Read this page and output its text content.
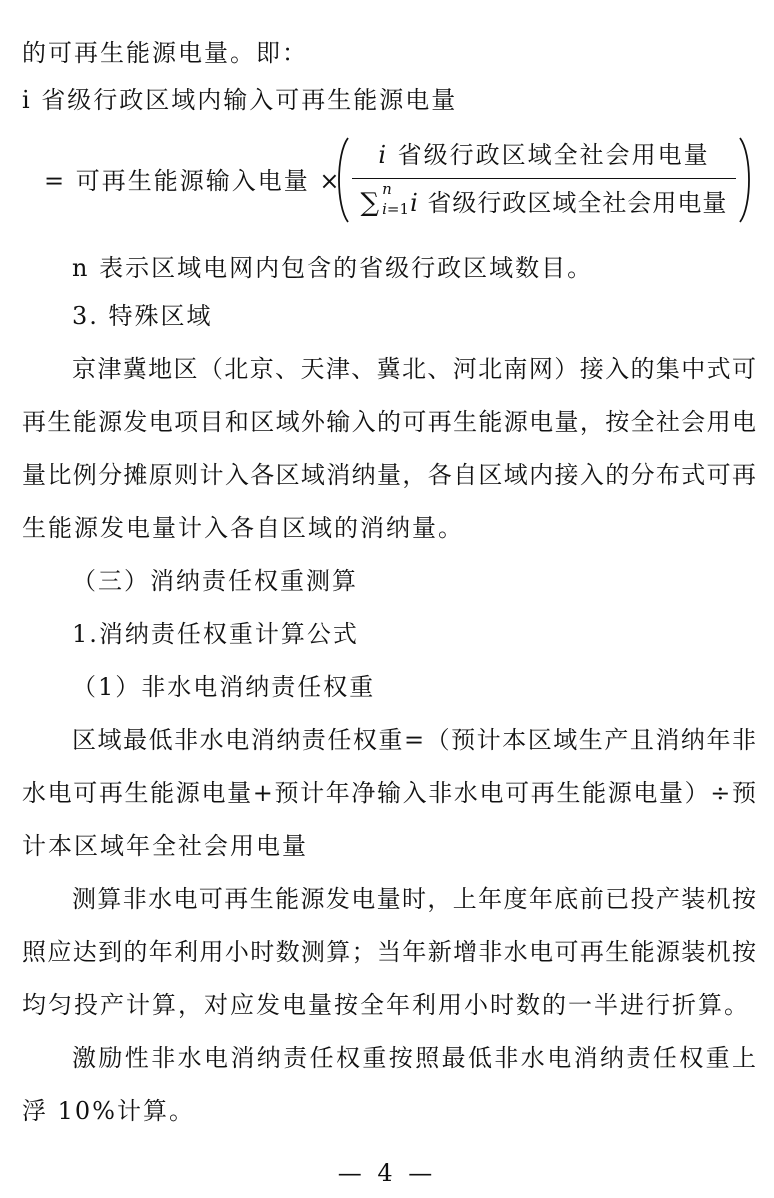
的可再生能源电量。即：
i 省级行政区域内输入可再生能源电量
= 可再生能源输入电量 ×
i 省级行政区域全社会用电量
∑ n
i=1 i 省级行政区域全社会用电量
n 表示区域电网内包含的省级行政区域数目。
3. 特殊区域
京津冀地区（北京、天津、冀北、河北南网）接入的集中式可
再生能源发电项目和区域外输入的可再生能源电量，按全社会用电
量比例分摊原则计入各区域消纳量，各自区域内接入的分布式可再
生能源发电量计入各自区域的消纳量。
（三）消纳责任权重测算
1.消纳责任权重计算公式
（1）非水电消纳责任权重
区域最低非水电消纳责任权重=（预计本区域生产且消纳年非
水电可再生能源电量+预计年净输入非水电可再生能源电量）÷预
计本区域年全社会用电量
测算非水电可再生能源发电量时，上年度年底前已投产装机按
照应达到的年利用小时数测算；当年新增非水电可再生能源装机按
均匀投产计算，对应发电量按全年利用小时数的一半进行折算。
激励性非水电消纳责任权重按照最低非水电消纳责任权重上
浮 10%计算。
— 4 —
